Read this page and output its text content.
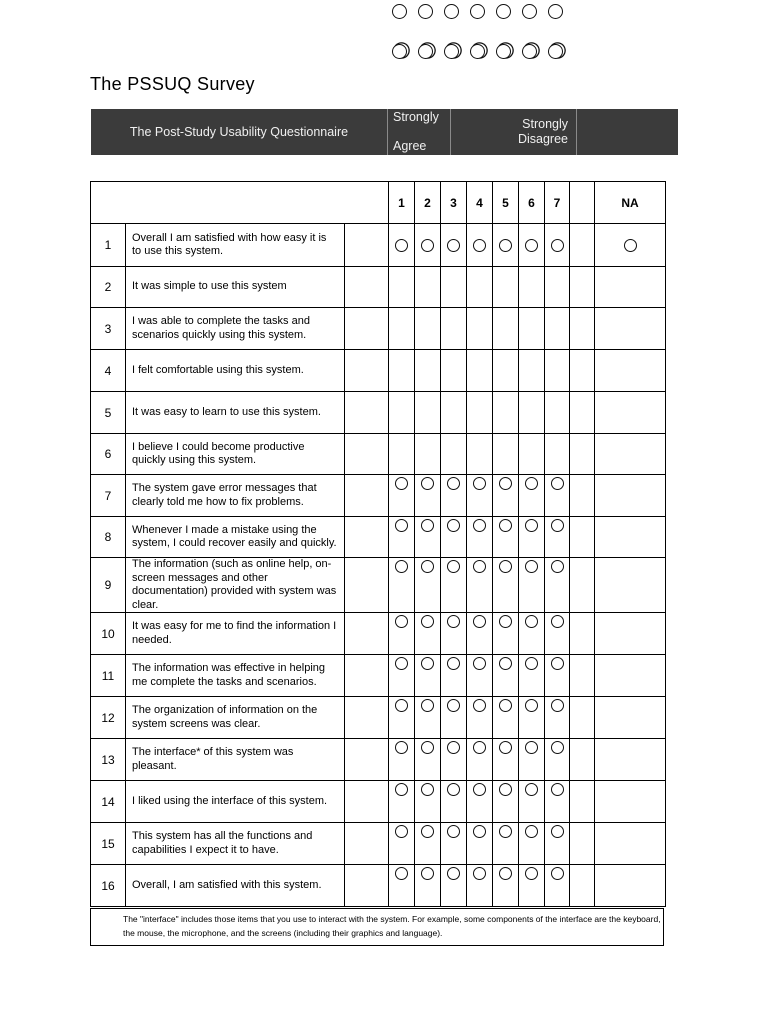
The PSSUQ Survey
The Post-Study Usability Questionnaire
Strongly
Agree
Strongly
Disagree
			1	2	3	4	5	6	7		NA
1	Overall I am satisfied with how easy it is to use this system.										
2	It was simple to use this system										
3	I was able to complete the tasks and scenarios quickly using this system.										
4	I felt comfortable using this system.										
5	It was easy to learn to use this system.										
6	I believe I could become productive quickly using this system.										
7	The system gave error messages that clearly told me how to fix problems.										
8	Whenever I made a mistake using the system, I could recover easily and quickly.										
9	The information (such as online help, on-screen messages and other documentation) provided with system was clear.										
10	It was easy for me to find the information I needed.										
11	The information was effective in helping me complete the tasks and scenarios.										
12	The organization of information on the system screens was clear.										
13	The interface* of this system was pleasant.										
14	I liked using the interface of this system.										
15	This system has all the functions and capabilities I expect it to have.										
16	Overall, I am satisfied with this system.										
The "interface" includes those items that you use to interact with the system. For example, some components of the interface are the keyboard, the mouse, the microphone, and the screens (including their graphics and language).
